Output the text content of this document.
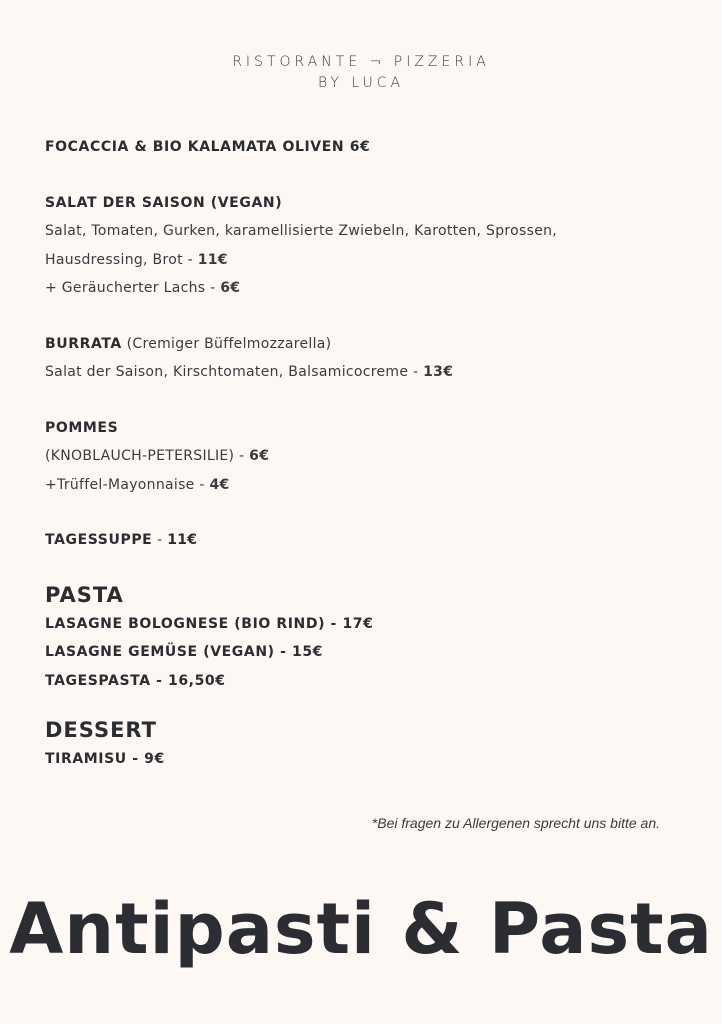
RISTORANTE ¬ PIZZERIA
BY LUCA
FOCACCIA & BIO KALAMATA OLIVEN 6€
SALAT DER SAISON (VEGAN)
Salat, Tomaten, Gurken, karamellisierte Zwiebeln, Karotten, Sprossen,
Hausdressing, Brot - 11€
+ Geräucherter Lachs - 6€
BURRATA (Cremiger Büffelmozzarella)
Salat der Saison, Kirschtomaten, Balsamicocreme - 13€
POMMES
(KNOBLAUCH-PETERSILIE) - 6€
+Trüffel-Mayonnaise - 4€
TAGESSUPPE - 11€
PASTA
LASAGNE BOLOGNESE (BIO RIND) - 17€
LASAGNE GEMÜSE (VEGAN) - 15€
TAGESPASTA - 16,50€
DESSERT
TIRAMISU - 9€
*Bei fragen zu Allergenen sprecht uns bitte an.
Antipasti & Pasta
